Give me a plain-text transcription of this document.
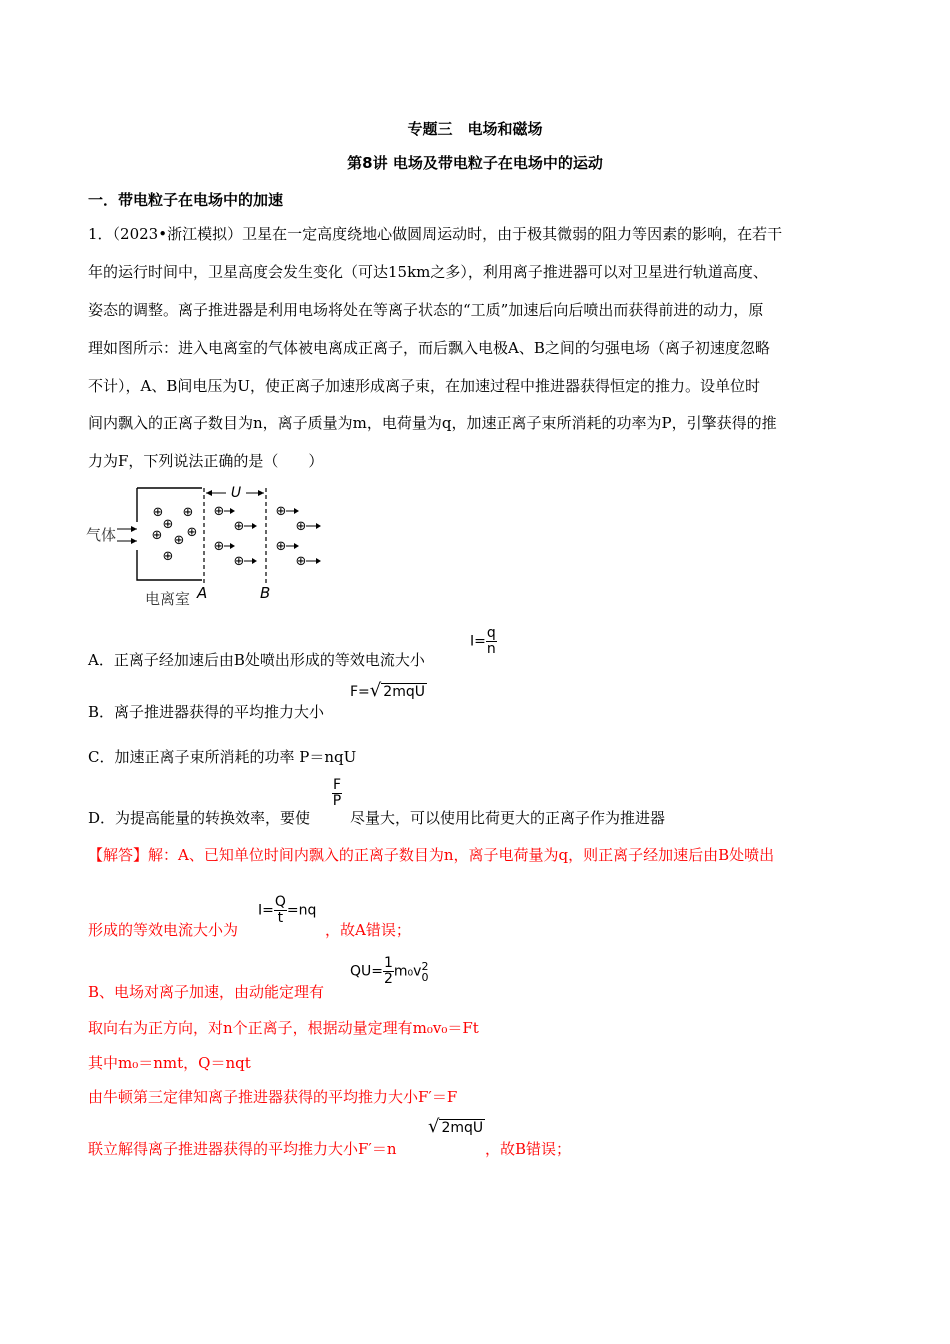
专题三　电场和磁场
第8讲 电场及带电粒子在电场中的运动
一．带电粒子在电场中的加速
1．（2023•浙江模拟）卫星在一定高度绕地心做圆周运动时，由于极其微弱的阻力等因素的影响，在若干
年的运行时间中，卫星高度会发生变化（可达15km之多），利用离子推进器可以对卫星进行轨道高度、
姿态的调整。离子推进器是利用电场将处在等离子状态的“工质”加速后向后喷出而获得前进的动力，原
理如图所示：进入电离室的气体被电离成正离子，而后飘入电极A、B之间的匀强电场（离子初速度忽略
不计），A、B间电压为U，使正离子加速形成离子束，在加速过程中推进器获得恒定的推力。设单位时
间内飘入的正离子数目为n，离子质量为m，电荷量为q，加速正离子束所消耗的功率为P，引擎获得的推
力为F，下列说法正确的是（　　）
U
气体
⊕ ⊕
⊕
⊕ ⊕
⊕
⊕
⊕
⊕
⊕
⊕
⊕
⊕
⊕
⊕
电离室 A	B
A．正离子经加速后由B处喷出形成的等效电流大小
$I= \frac{q}{n}$
B．离子推进器获得的平均推力大小
F= √ 2mqU
C．加速正离子束所消耗的功率 P＝nqU
D．为提高能量的转换效率，要使
$\frac{F}{P}$
尽量大，可以使用比荷更大的正离子作为推进器
【解答】解：A、已知单位时间内飘入的正离子数目为n，离子电荷量为q，则正离子经加速后由B处喷出
形成的等效电流大小为
$I= \frac{Q}{t} =nq$
，故A错误；
B、电场对离子加速，由动能定理有
$QU= \frac{1}{2} m_0v$ 2
0
取向右为正方向，对n个正离子，根据动量定理有m₀v₀＝Ft
其中m₀＝nmt，Q＝nqt
由牛顿第三定律知离子推进器获得的平均推力大小F′＝F
联立解得离子推进器获得的平均推力大小F′＝n
√ 2mqU
，故B错误；
